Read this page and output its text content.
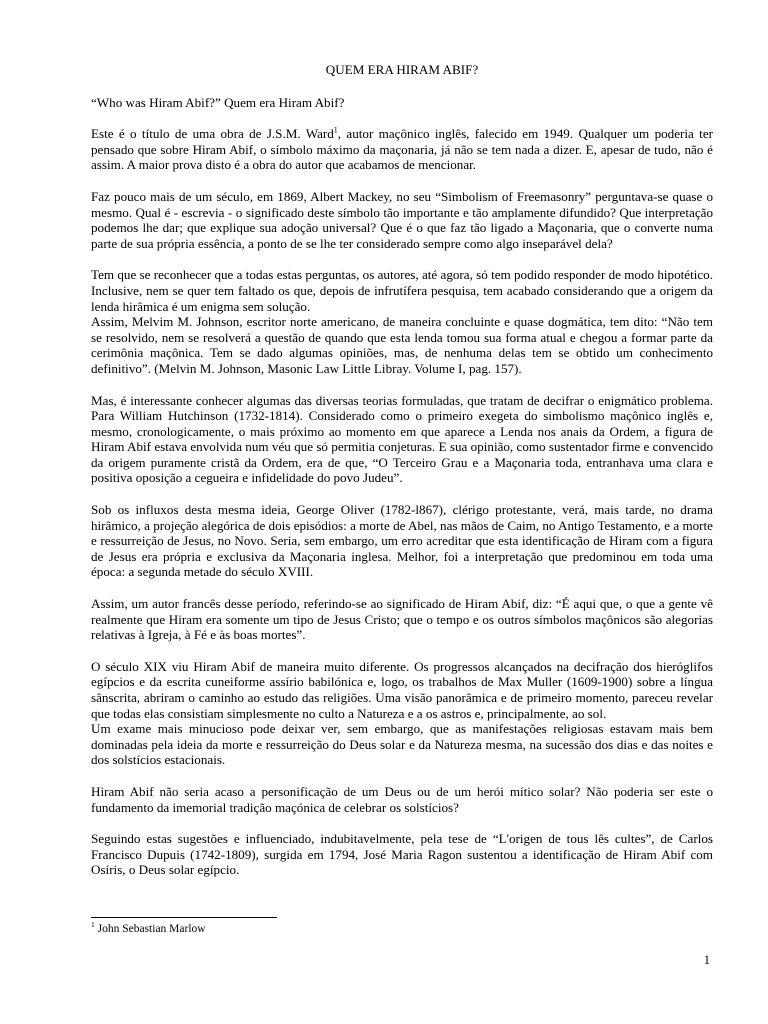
QUEM ERA HIRAM ABIF?

“Who was Hiram Abif?” Quem era Hiram Abif?

Este é o título de uma obra de J.S.M. Ward$^1$, autor maçônico inglês, falecido em 1949. Qualquer um poderia ter pensado que sobre Hiram Abif, o símbolo máximo da maçonaria, já não se tem nada a dizer. E, apesar de tudo, não é assim. A maior prova disto é a obra do autor que acabamos de mencionar.

Faz pouco mais de um século, em 1869, Albert Mackey, no seu “Simbolism of Freemasonry” perguntava-se quase o mesmo. Qual é - escrevia - o significado deste símbolo tão importante e tão amplamente difundido? Que interpretação podemos lhe dar; que explique sua adoção universal? Que é o que faz tão ligado a Maçonaria, que o converte numa parte de sua própria essência, a ponto de se lhe ter considerado sempre como algo inseparável dela?

Tem que se reconhecer que a todas estas perguntas, os autores, até agora, só tem podido responder de modo hipotético. Inclusive, nem se quer tem faltado os que, depois de infrutífera pesquisa, tem acabado considerando que a origem da lenda hirâmica é um enigma sem solução.

Assim, Melvim M. Johnson, escritor norte americano, de maneira concluinte e quase dogmática, tem dito: “Não tem se resolvido, nem se resolverá a questão de quando que esta lenda tomou sua forma atual e chegou a formar parte da cerimônia maçônica. Tem se dado algumas opiniões, mas, de nenhuma delas tem se obtido um conhecimento definitivo”. (Melvin M. Johnson, Masonic Law Little Libray. Volume I, pag. 157).

Mas, é interessante conhecer algumas das diversas teorias formuladas, que tratam de decifrar o enigmático problema. Para William Hutchinson (1732-1814). Considerado como o primeiro exegeta do simbolismo maçônico inglês e, mesmo, cronologicamente, o mais próximo ao momento em que aparece a Lenda nos anais da Ordem, a figura de Hiram Abif estava envolvida num véu que só permitia conjeturas. E sua opinião, como sustentador firme e convencido da origem puramente cristã da Ordem, era de que, “O Terceiro Grau e a Maçonaria toda, entranhava uma clara e positiva oposição a cegueira e infidelidade do povo Judeu”.

Sob os influxos desta mesma ideia, George Oliver (1782-l867), clérigo protestante, verá, mais tarde, no drama hirâmico, a projeção alegórica de dois episódios: a morte de Abel, nas mãos de Caim, no Antigo Testamento, e a morte e ressurreição de Jesus, no Novo. Seria, sem embargo, um erro acreditar que esta identificação de Hiram com a figura de Jesus era própria e exclusiva da Maçonaria inglesa. Melhor, foi a interpretação que predominou em toda uma época: a segunda metade do século XVIII.

Assim, um autor francês desse período, referindo-se ao significado de Hiram Abif, diz: “É aqui que, o que a gente vê realmente que Hiram era somente um tipo de Jesus Cristo; que o tempo e os outros símbolos maçônicos são alegorias relativas à Igreja, à Fé e às boas mortes”.

O século XIX viu Hiram Abif de maneira muito diferente. Os progressos alcançados na decifração dos hieróglifos egípcios e da escrita cuneiforme assírio babilónica e, logo, os trabalhos de Max Muller (1609-1900) sobre a língua sânscrita, abriram o caminho ao estudo das religiões. Uma visão panorâmica e de primeiro momento, pareceu revelar que todas elas consistiam simplesmente no culto a Natureza e a os astros e, principalmente, ao sol.

Um exame mais minucioso pode deixar ver, sem embargo, que as manifestações religiosas estavam mais bem dominadas pela ideia da morte e ressurreição do Deus solar e da Natureza mesma, na sucessão dos dias e das noites e dos solstícios estacionais.

Hiram Abif não seria acaso a personificação de um Deus ou de um herói mítico solar? Não poderia ser este o fundamento da imemorial tradição maçónica de celebrar os solstícios?

Seguindo estas sugestões e influenciado, indubitavelmente, pela tese de “L'origen de tous lês cultes”, de Carlos Francisco Dupuis (1742-1809), surgida em 1794, José Maria Ragon sustentou a identificação de Hiram Abif com Osíris, o Deus solar egípcio.

$^1$ John Sebastian Marlow
1
